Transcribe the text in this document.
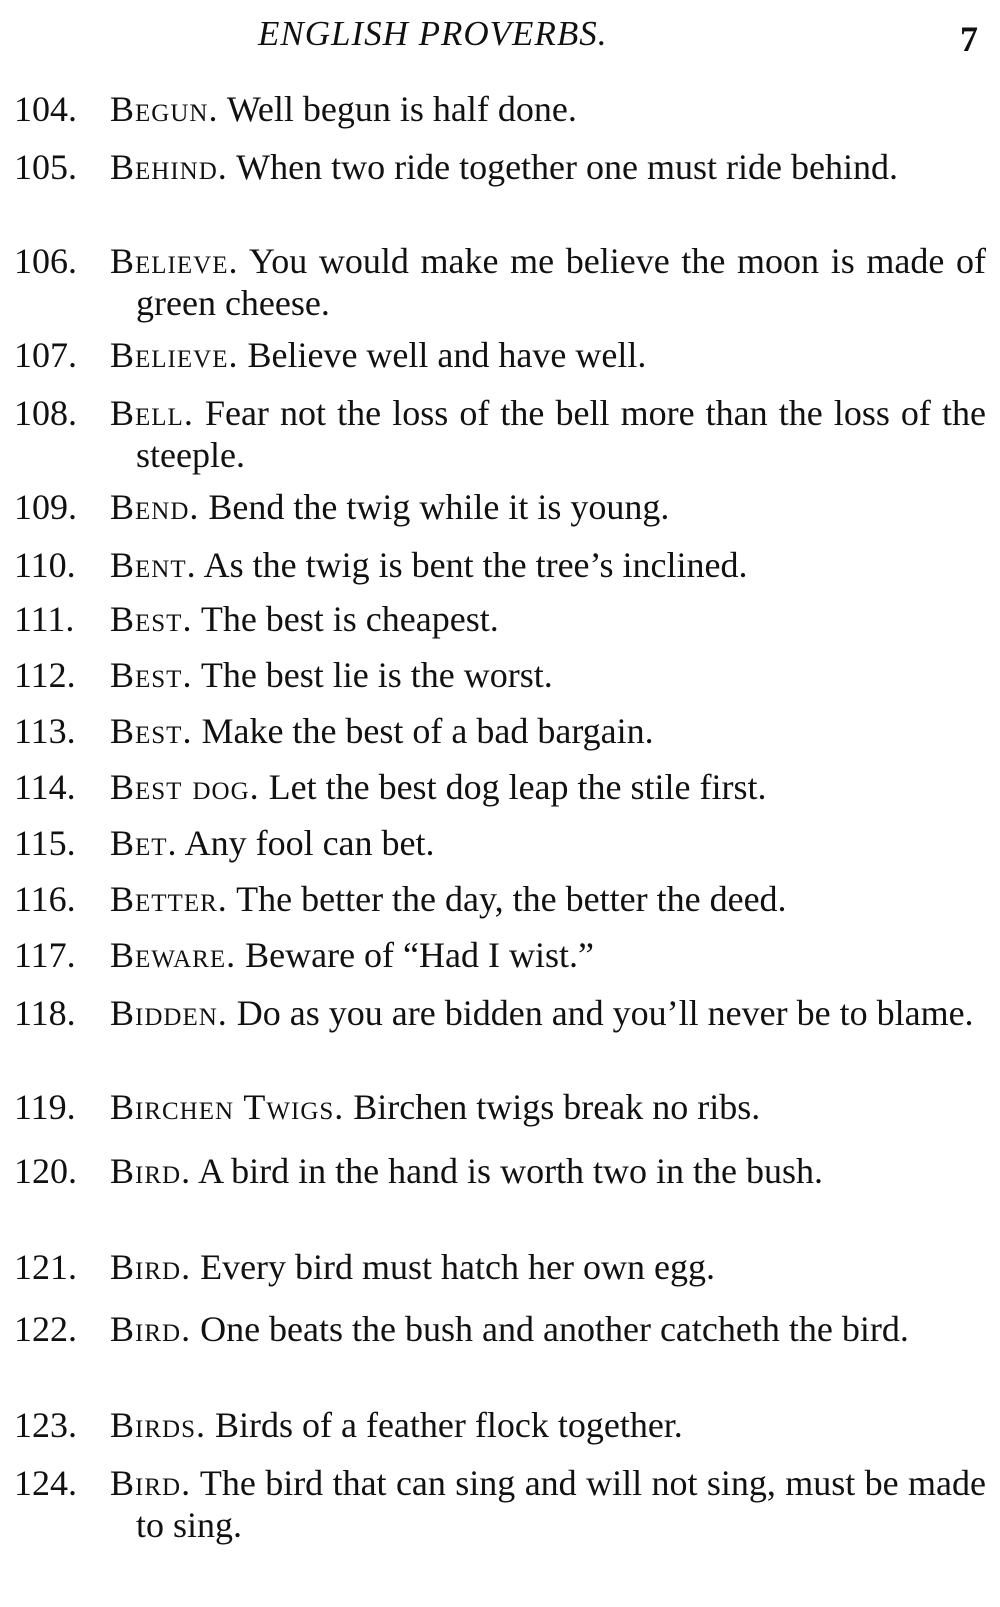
ENGLISH PROVERBS.	7
104. Begun. Well begun is half done.
105. Behind. When two ride together one must ride behind.
106. Believe. You would make me believe the moon is made of green cheese.
107. Believe. Believe well and have well.
108. Bell. Fear not the loss of the bell more than the loss of the steeple.
109. Bend. Bend the twig while it is young.
110. Bent. As the twig is bent the tree’s inclined.
111. Best. The best is cheapest.
112. Best. The best lie is the worst.
113. Best. Make the best of a bad bargain.
114. Best dog. Let the best dog leap the stile first.
115. Bet. Any fool can bet.
116. Better. The better the day, the better the deed.
117. Beware. Beware of “Had I wist.”
118. Bidden. Do as you are bidden and you’ll never be to blame.
119. Birchen Twigs. Birchen twigs break no ribs.
120. Bird. A bird in the hand is worth two in the bush.
121. Bird. Every bird must hatch her own egg.
122. Bird. One beats the bush and another catcheth the bird.
123. Birds. Birds of a feather flock together.
124. Bird. The bird that can sing and will not sing, must be made to sing.
